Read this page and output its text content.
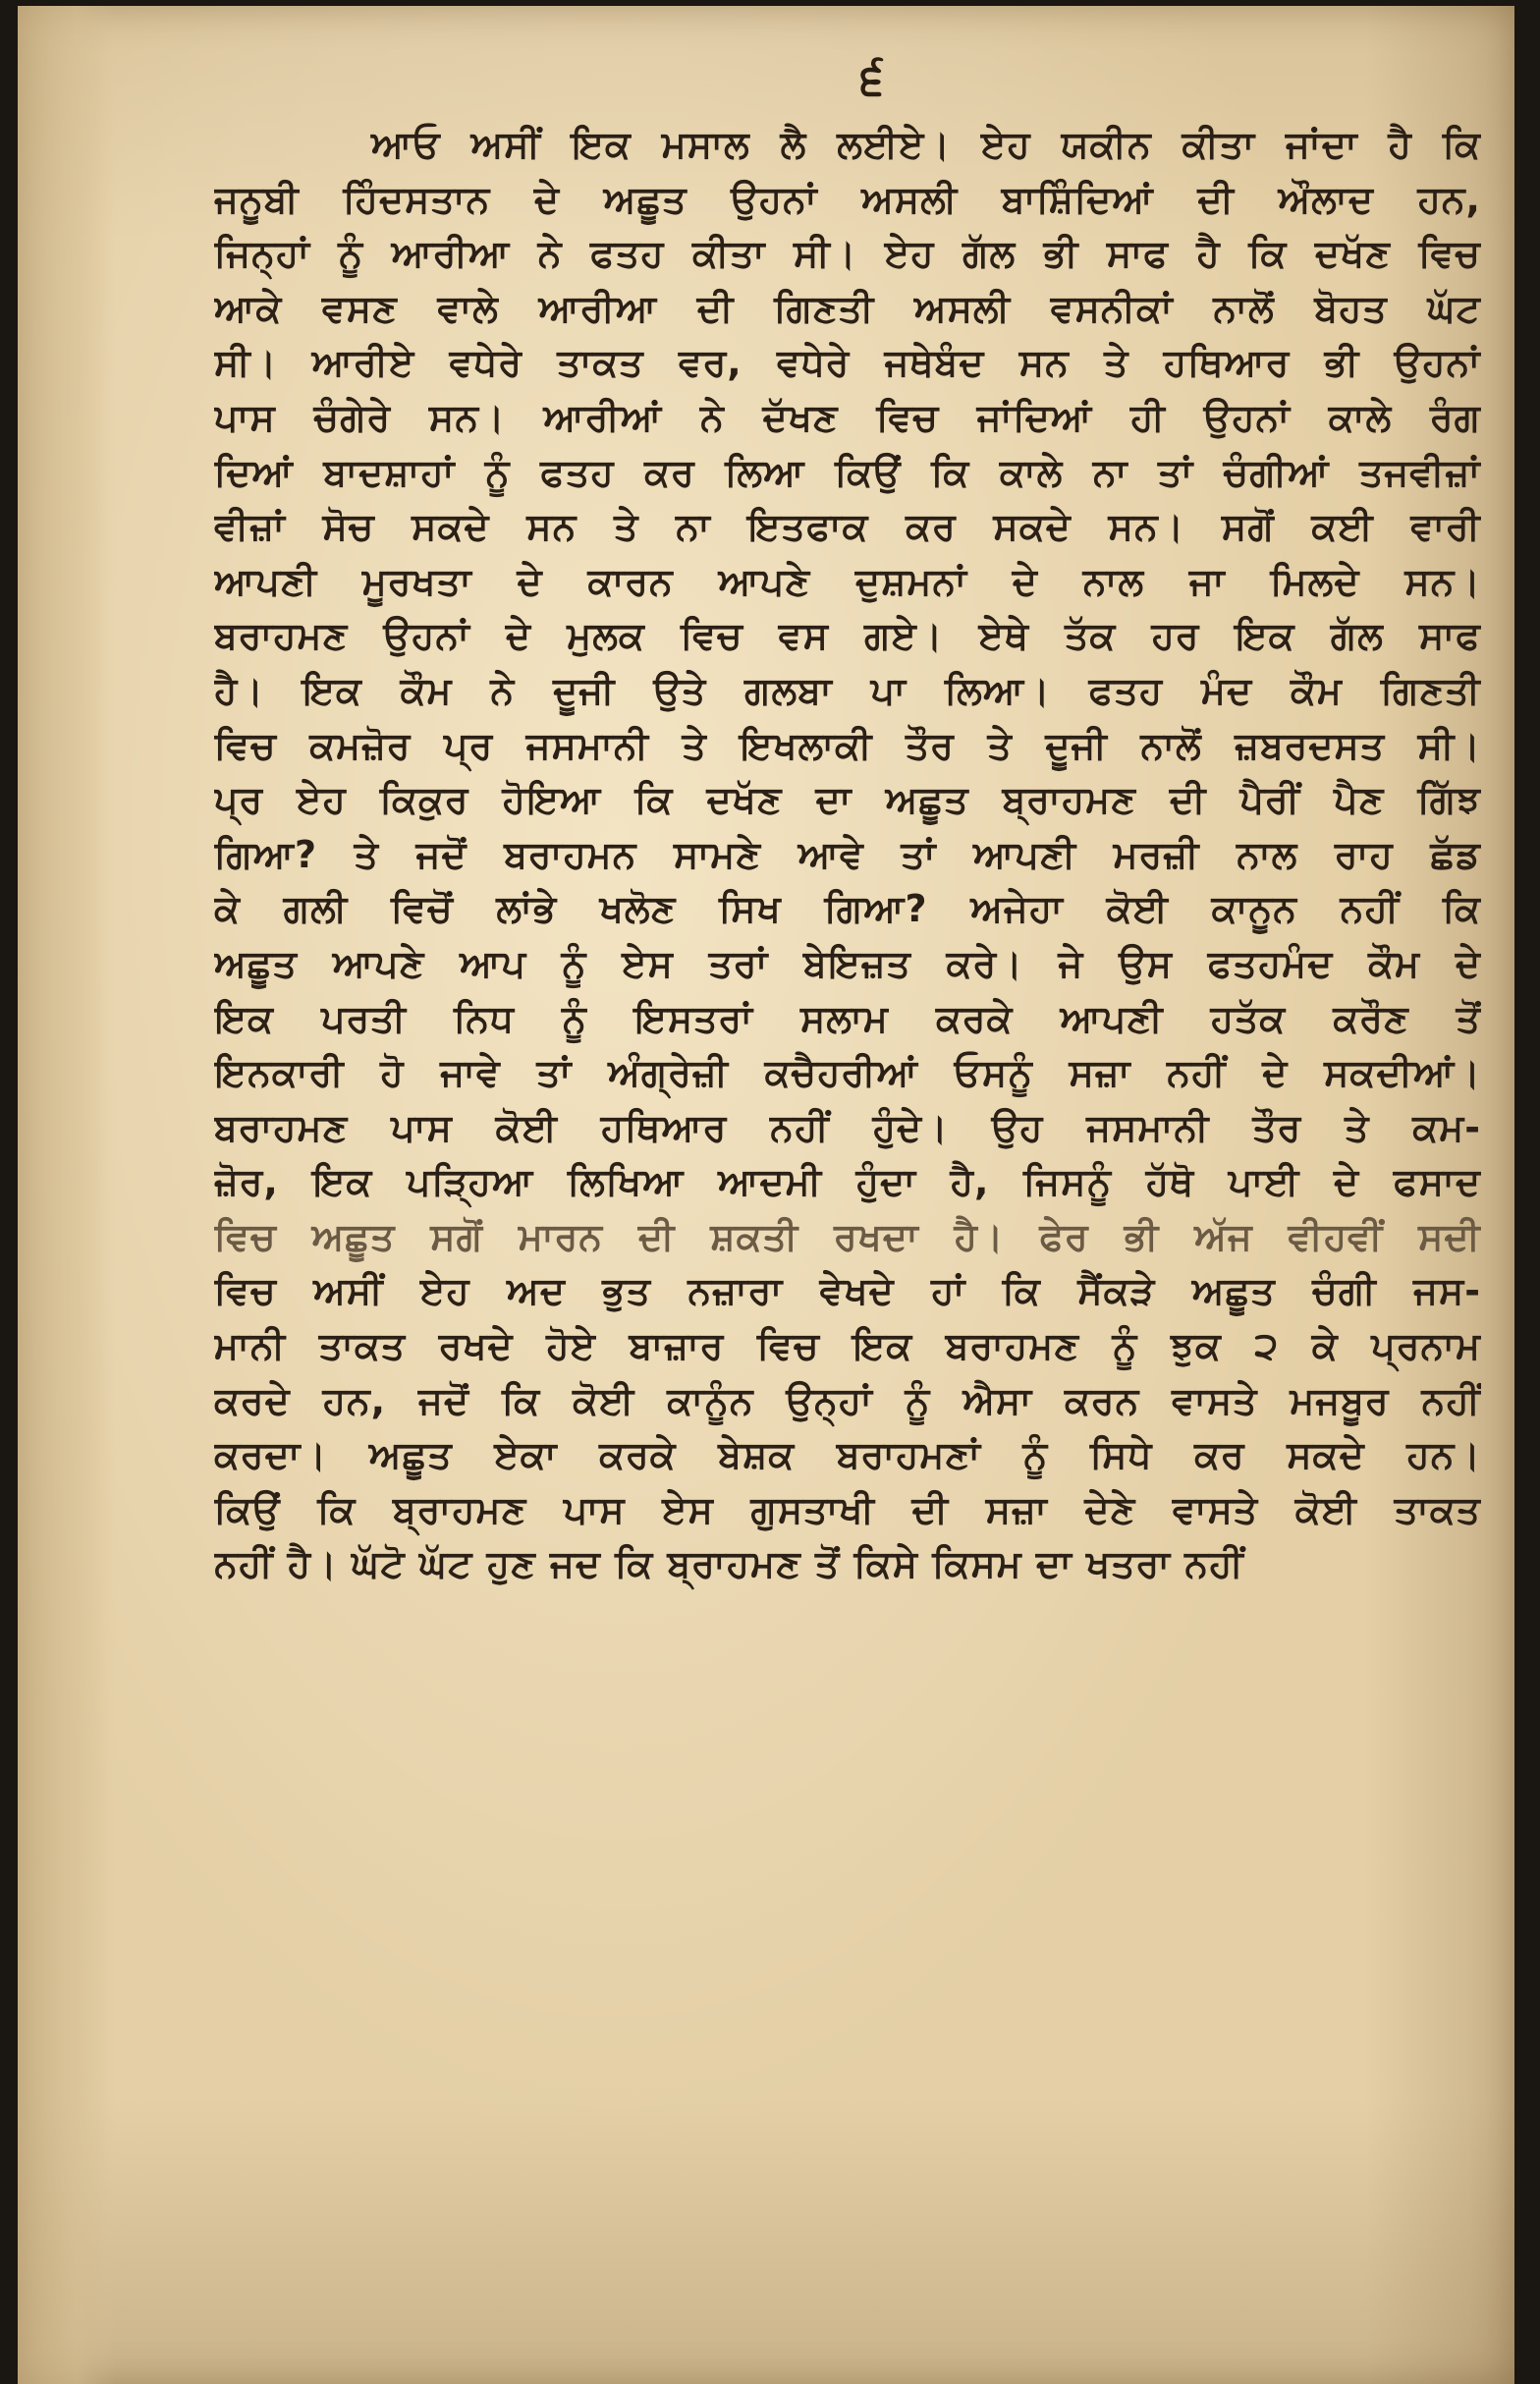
੬
ਆਓ ਅਸੀਂ ਇਕ ਮਸਾਲ ਲੈ ਲਈਏ। ਏਹ ਯਕੀਨ ਕੀਤਾ ਜਾਂਦਾ ਹੈ ਕਿ
ਜਨੂਬੀ ਹਿੰਦਸਤਾਨ ਦੇ ਅਛੂਤ ਉਹਨਾਂ ਅਸਲੀ ਬਾਸ਼ਿੰਦਿਆਂ ਦੀ ਔਲਾਦ ਹਨ,
ਜਿਨ੍ਹਾਂ ਨੂੰ ਆਰੀਆ ਨੇ ਫਤਹ ਕੀਤਾ ਸੀ। ਏਹ ਗੱਲ ਭੀ ਸਾਫ ਹੈ ਕਿ ਦਖੱਣ ਵਿਚ
ਆਕੇ ਵਸਣ ਵਾਲੇ ਆਰੀਆ ਦੀ ਗਿਣਤੀ ਅਸਲੀ ਵਸਨੀਕਾਂ ਨਾਲੋਂ ਬੋਹਤ ਘੱਟ
ਸੀ। ਆਰੀਏ ਵਧੇਰੇ ਤਾਕਤ ਵਰ, ਵਧੇਰੇ ਜਥੇਬੰਦ ਸਨ ਤੇ ਹਥਿਆਰ ਭੀ ਉਹਨਾਂ
ਪਾਸ ਚੰਗੇਰੇ ਸਨ। ਆਰੀਆਂ ਨੇ ਦੱਖਣ ਵਿਚ ਜਾਂਦਿਆਂ ਹੀ ਉਹਨਾਂ ਕਾਲੇ ਰੰਗ
ਦਿਆਂ ਬਾਦਸ਼ਾਹਾਂ ਨੂੰ ਫਤਹ ਕਰ ਲਿਆ ਕਿਉਂ ਕਿ ਕਾਲੇ ਨਾ ਤਾਂ ਚੰਗੀਆਂ ਤਜਵੀਜ਼ਾਂ
ਵੀਜ਼ਾਂ ਸੋਚ ਸਕਦੇ ਸਨ ਤੇ ਨਾ ਇਤਫਾਕ ਕਰ ਸਕਦੇ ਸਨ। ਸਗੋਂ ਕਈ ਵਾਰੀ
ਆਪਣੀ ਮੂਰਖਤਾ ਦੇ ਕਾਰਨ ਆਪਣੇ ਦੁਸ਼ਮਨਾਂ ਦੇ ਨਾਲ ਜਾ ਮਿਲਦੇ ਸਨ।
ਬਰਾਹਮਣ ਉਹਨਾਂ ਦੇ ਮੁਲਕ ਵਿਚ ਵਸ ਗਏ। ਏਥੇ ਤੱਕ ਹਰ ਇਕ ਗੱਲ ਸਾਫ
ਹੈ। ਇਕ ਕੌਮ ਨੇ ਦੂਜੀ ਉਤੇ ਗਲਬਾ ਪਾ ਲਿਆ। ਫਤਹ ਮੰਦ ਕੌਮ ਗਿਣਤੀ
ਵਿਚ ਕਮਜ਼ੋਰ ਪ੍ਰ ਜਸਮਾਨੀ ਤੇ ਇਖਲਾਕੀ ਤੌਰ ਤੇ ਦੂਜੀ ਨਾਲੋਂ ਜ਼ਬਰਦਸਤ ਸੀ।
ਪ੍ਰ ਏਹ ਕਿਕੁਰ ਹੋਇਆ ਕਿ ਦਖੱਣ ਦਾ ਅਛੂਤ ਬ੍ਰਾਹਮਣ ਦੀ ਪੈਰੀਂ ਪੈਣ ਗਿੱਝ
ਗਿਆ? ਤੇ ਜਦੋਂ ਬਰਾਹਮਨ ਸਾਮਣੇ ਆਵੇ ਤਾਂ ਆਪਣੀ ਮਰਜ਼ੀ ਨਾਲ ਰਾਹ ਛੱਡ
ਕੇ ਗਲੀ ਵਿਚੋਂ ਲਾਂਭੇ ਖਲੋਣ ਸਿਖ ਗਿਆ? ਅਜੇਹਾ ਕੋਈ ਕਾਨੂਨ ਨਹੀਂ ਕਿ
ਅਛੂਤ ਆਪਣੇ ਆਪ ਨੂੰ ਏਸ ਤਰਾਂ ਬੇਇਜ਼ਤ ਕਰੇ। ਜੇ ਉਸ ਫਤਹਮੰਦ ਕੌਮ ਦੇ
ਇਕ ਪਰਤੀ ਨਿਧ ਨੂੰ ਇਸਤਰਾਂ ਸਲਾਮ ਕਰਕੇ ਆਪਣੀ ਹਤੱਕ ਕਰੌਣ ਤੋਂ
ਇਨਕਾਰੀ ਹੋ ਜਾਵੇ ਤਾਂ ਅੰਗ੍ਰੇਜ਼ੀ ਕਚੈਹਰੀਆਂ ਓਸਨੂੰ ਸਜ਼ਾ ਨਹੀਂ ਦੇ ਸਕਦੀਆਂ।
ਬਰਾਹਮਣ ਪਾਸ ਕੋਈ ਹਥਿਆਰ ਨਹੀਂ ਹੁੰਦੇ। ਉਹ ਜਸਮਾਨੀ ਤੌਰ ਤੇ ਕਮ-
ਜ਼ੋਰ, ਇਕ ਪੜ੍ਹਿਆ ਲਿਖਿਆ ਆਦਮੀ ਹੁੰਦਾ ਹੈ, ਜਿਸਨੂੰ ਹੱਥੋ ਪਾਈ ਦੇ ਫਸਾਦ
ਵਿਚ ਅਛੂਤ ਸਗੋਂ ਮਾਰਨ ਦੀ ਸ਼ਕਤੀ ਰਖਦਾ ਹੈ। ਫੇਰ ਭੀ ਅੱਜ ਵੀਹਵੀਂ ਸਦੀ
ਵਿਚ ਅਸੀਂ ਏਹ ਅਦ ਭੁਤ ਨਜ਼ਾਰਾ ਵੇਖਦੇ ਹਾਂ ਕਿ ਸੈਂਕੜੇ ਅਛੂਤ ਚੰਗੀ ਜਸ-
ਮਾਨੀ ਤਾਕਤ ਰਖਦੇ ਹੋਏ ਬਾਜ਼ਾਰ ਵਿਚ ਇਕ ਬਰਾਹਮਣ ਨੂੰ ਝੁਕ ੨ ਕੇ ਪ੍ਰਨਾਮ
ਕਰਦੇ ਹਨ, ਜਦੋਂ ਕਿ ਕੋਈ ਕਾਨੂੰਨ ਉਨ੍ਹਾਂ ਨੂੰ ਐਸਾ ਕਰਨ ਵਾਸਤੇ ਮਜਬੂਰ ਨਹੀਂ
ਕਰਦਾ। ਅਛੂਤ ਏਕਾ ਕਰਕੇ ਬੇਸ਼ਕ ਬਰਾਹਮਣਾਂ ਨੂੰ ਸਿਧੇ ਕਰ ਸਕਦੇ ਹਨ।
ਕਿਉਂ ਕਿ ਬ੍ਰਾਹਮਣ ਪਾਸ ਏਸ ਗੁਸਤਾਖੀ ਦੀ ਸਜ਼ਾ ਦੇਣੇ ਵਾਸਤੇ ਕੋਈ ਤਾਕਤ
ਨਹੀਂ ਹੈ। ਘੱਟੋ ਘੱਟ ਹੁਣ ਜਦ ਕਿ ਬ੍ਰਾਹਮਣ ਤੋਂ ਕਿਸੇ ਕਿਸਮ ਦਾ ਖਤਰਾ ਨਹੀਂ
